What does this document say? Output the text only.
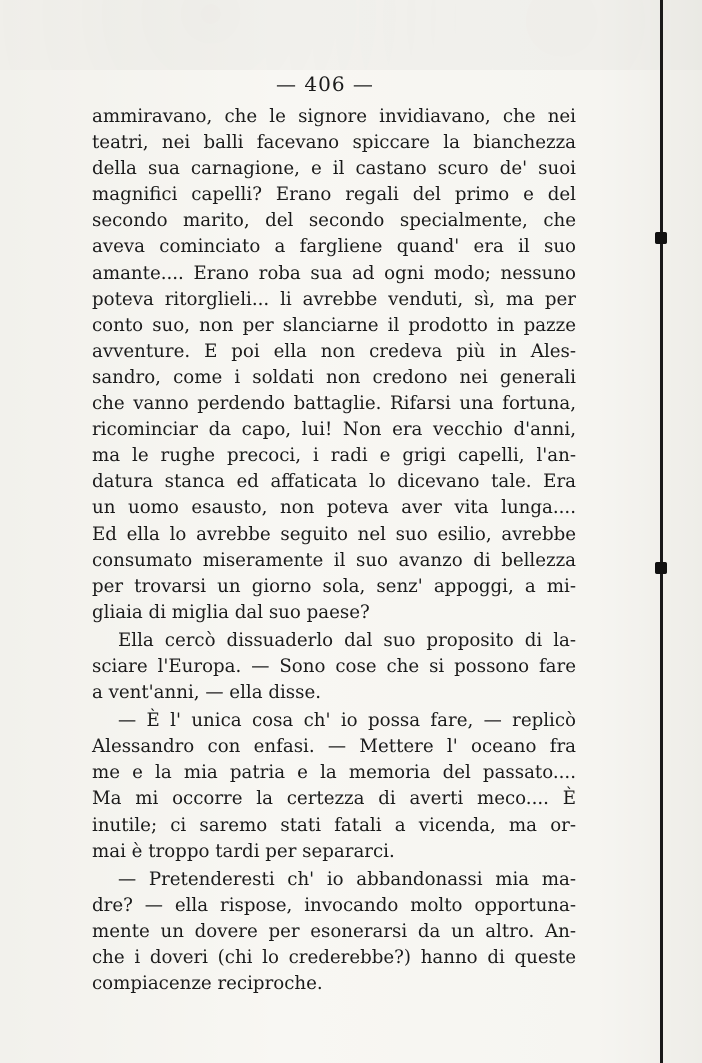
— 406 —
ammiravano, che le signore invidiavano, che nei
teatri, nei balli facevano spiccare la bianchezza
della sua carnagione, e il castano scuro de' suoi
magnifici capelli? Erano regali del primo e del
secondo marito, del secondo specialmente, che
aveva cominciato a fargliene quand' era il suo
amante.... Erano roba sua ad ogni modo; nessuno
poteva ritorglieli... li avrebbe venduti, sì, ma per
conto suo, non per slanciarne il prodotto in pazze
avventure. E poi ella non credeva più in Ales-
sandro, come i soldati non credono nei generali
che vanno perdendo battaglie. Rifarsi una fortuna,
ricominciar da capo, lui! Non era vecchio d'anni,
ma le rughe precoci, i radi e grigi capelli, l'an-
datura stanca ed affaticata lo dicevano tale. Era
un uomo esausto, non poteva aver vita lunga....
Ed ella lo avrebbe seguito nel suo esilio, avrebbe
consumato miseramente il suo avanzo di bellezza
per trovarsi un giorno sola, senz' appoggi, a mi-
gliaia di miglia dal suo paese?
Ella cercò dissuaderlo dal suo proposito di la-
sciare l'Europa. — Sono cose che si possono fare
a vent'anni, — ella disse.
— È l' unica cosa ch' io possa fare, — replicò
Alessandro con enfasi. — Mettere l' oceano fra
me e la mia patria e la memoria del passato....
Ma mi occorre la certezza di averti meco.... È
inutile; ci saremo stati fatali a vicenda, ma or-
mai è troppo tardi per separarci.
— Pretenderesti ch' io abbandonassi mia ma-
dre? — ella rispose, invocando molto opportuna-
mente un dovere per esonerarsi da un altro. An-
che i doveri (chi lo crederebbe?) hanno di queste
compiacenze reciproche.
